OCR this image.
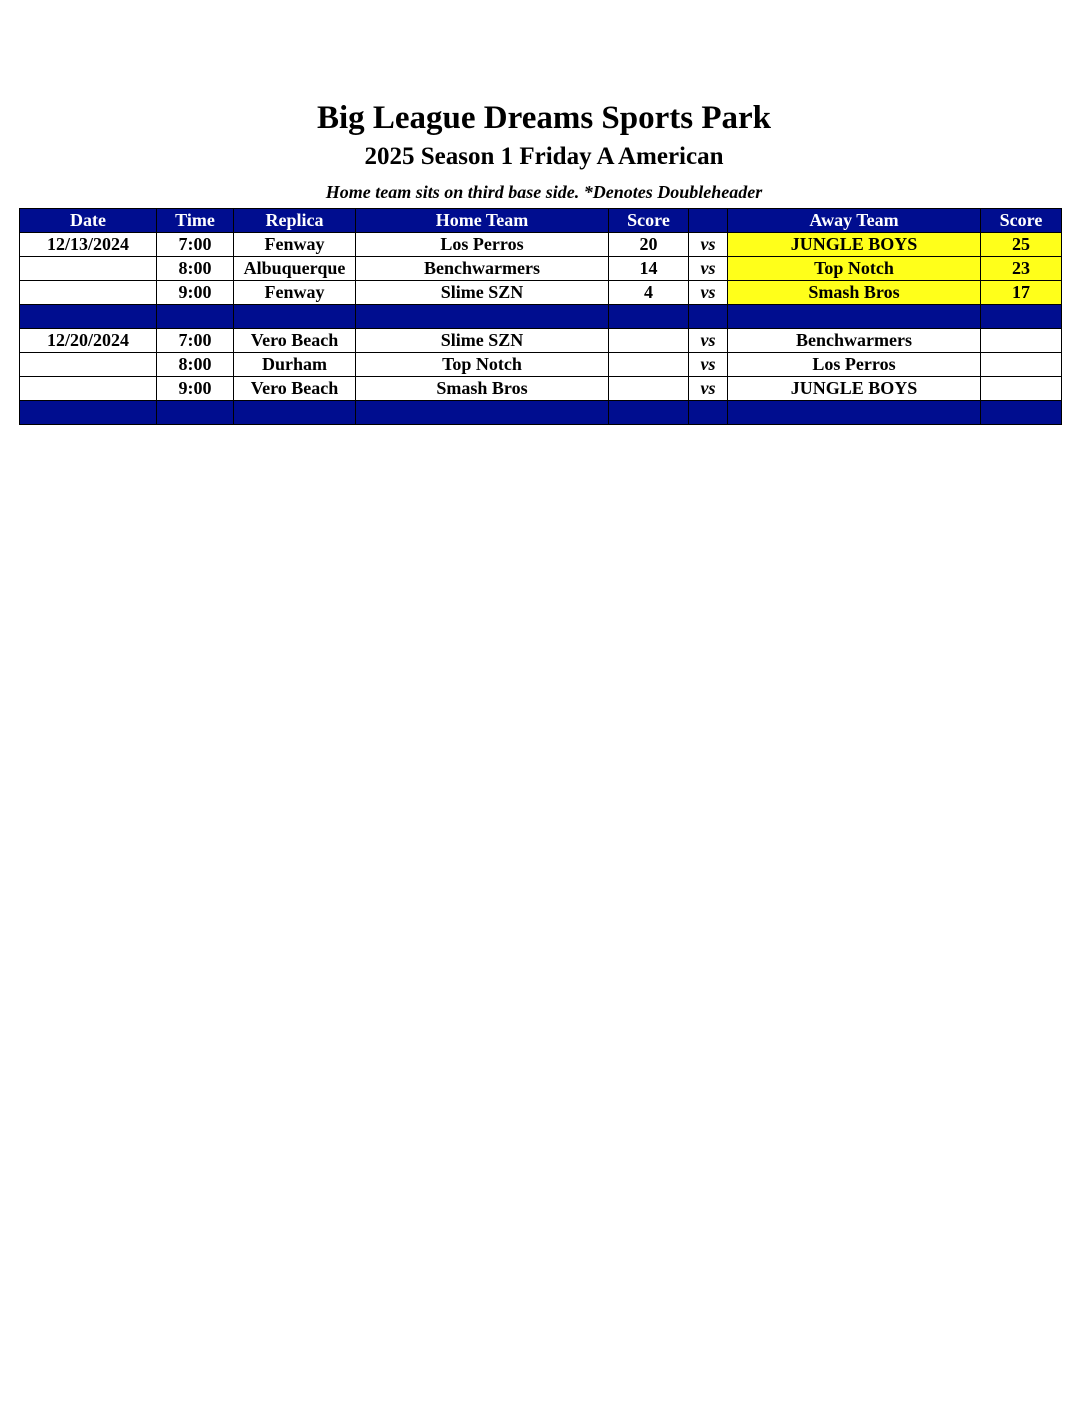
Big League Dreams Sports Park
2025 Season 1 Friday A American
Home team sits on third base side. *Denotes Doubleheader
Date	Time	Replica	Home Team	Score		Away Team	Score
12/13/2024	7:00	Fenway	Los Perros	20	vs	JUNGLE BOYS	25
	8:00	Albuquerque	Benchwarmers	14	vs	Top Notch	23
	9:00	Fenway	Slime SZN	4	vs	Smash Bros	17

12/20/2024	7:00	Vero Beach	Slime SZN		vs	Benchwarmers	
	8:00	Durham	Top Notch		vs	Los Perros	
	9:00	Vero Beach	Smash Bros		vs	JUNGLE BOYS	
